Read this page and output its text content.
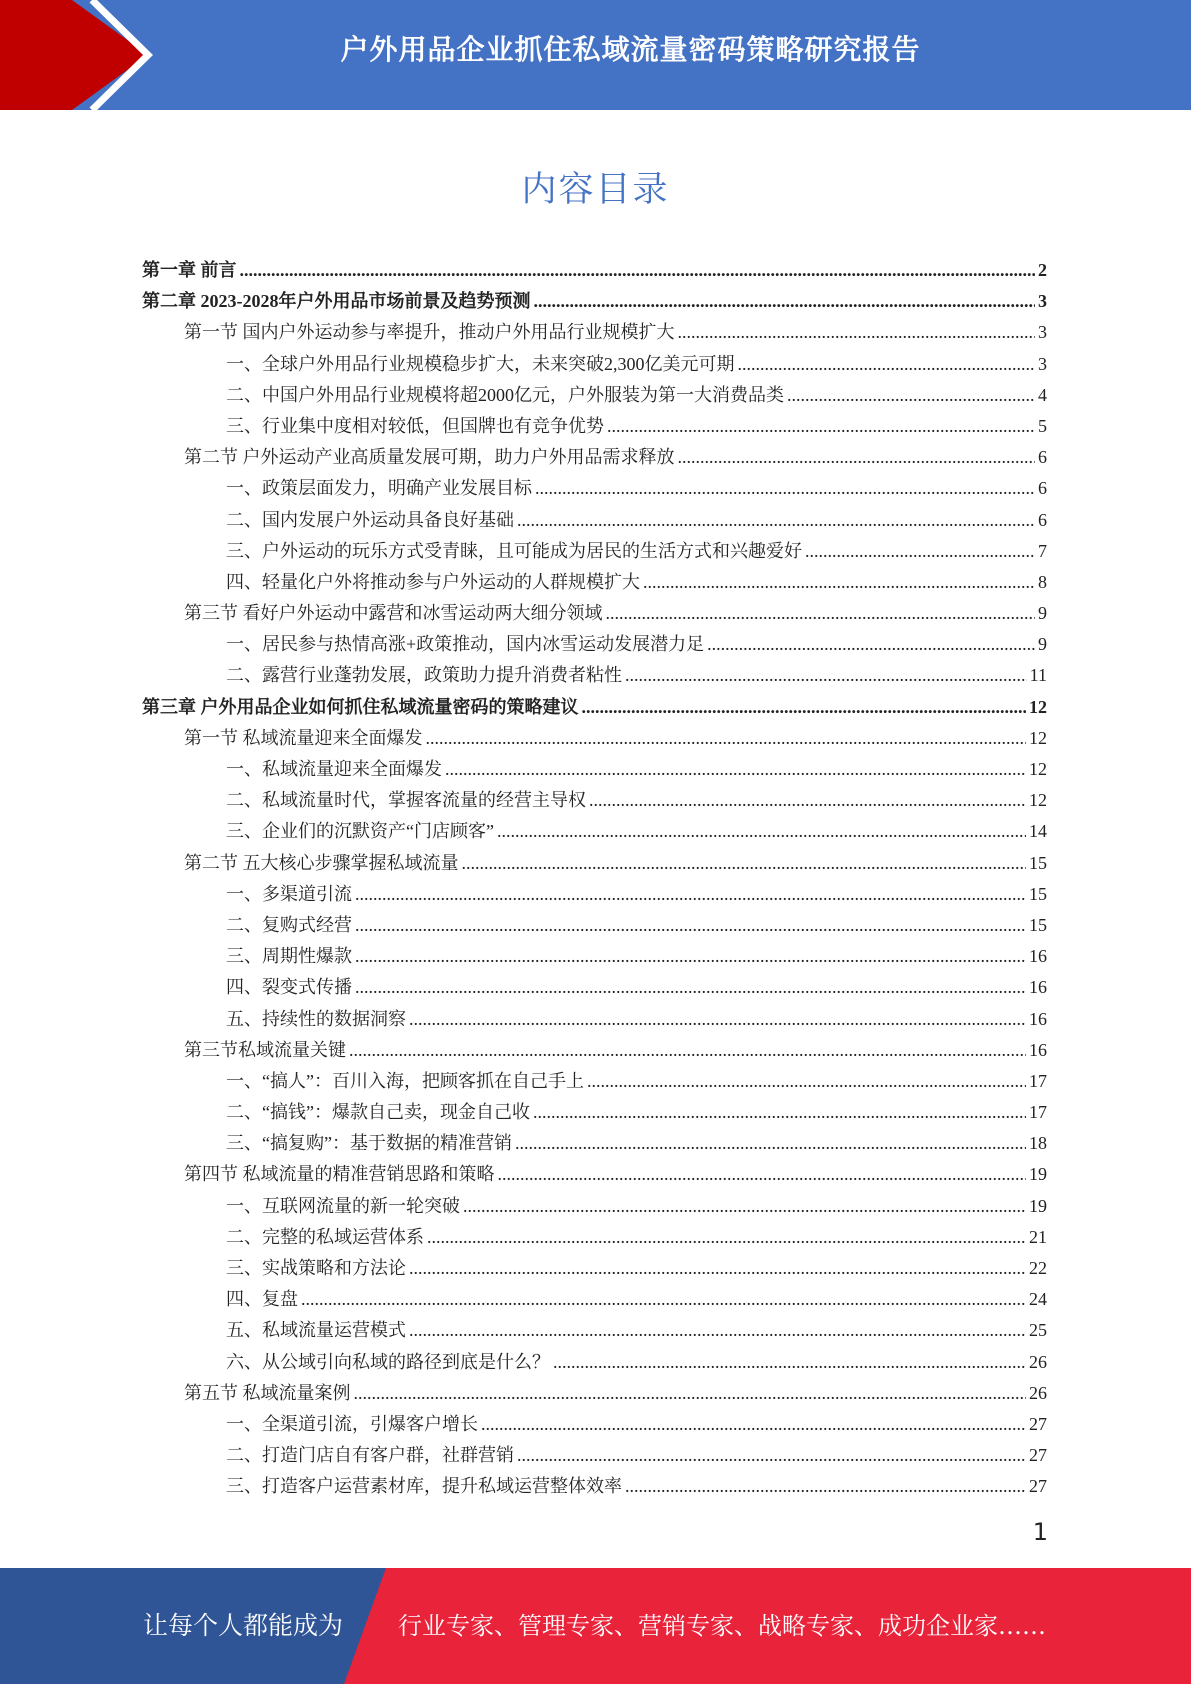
户外用品企业抓住私域流量密码策略研究报告
内容目录
第一章 前言 .....	2
第二章 2023-2028年户外用品市场前景及趋势预测 .....	3
第一节 国内户外运动参与率提升，推动户外用品行业规模扩大 .....	3
一、全球户外用品行业规模稳步扩大，未来突破2,300亿美元可期 .....	3
二、中国户外用品行业规模将超2000亿元，户外服装为第一大消费品类 .....	4
三、行业集中度相对较低，但国牌也有竞争优势 .....	5
第二节 户外运动产业高质量发展可期，助力户外用品需求释放 .....	6
一、政策层面发力，明确产业发展目标 .....	6
二、国内发展户外运动具备良好基础 .....	6
三、户外运动的玩乐方式受青睐，且可能成为居民的生活方式和兴趣爱好 .....	7
四、轻量化户外将推动参与户外运动的人群规模扩大 .....	8
第三节 看好户外运动中露营和冰雪运动两大细分领域 .....	9
一、居民参与热情高涨+政策推动，国内冰雪运动发展潜力足 .....	9
二、露营行业蓬勃发展，政策助力提升消费者粘性 .....	11
第三章 户外用品企业如何抓住私域流量密码的策略建议 .....	12
第一节 私域流量迎来全面爆发 .....	12
一、私域流量迎来全面爆发 .....	12
二、私域流量时代，掌握客流量的经营主导权 .....	12
三、企业们的沉默资产“门店顾客” .....	14
第二节 五大核心步骤掌握私域流量 .....	15
一、多渠道引流 .....	15
二、复购式经营 .....	15
三、周期性爆款 .....	16
四、裂变式传播 .....	16
五、持续性的数据洞察 .....	16
第三节私域流量关键 .....	16
一、“搞人”：百川入海，把顾客抓在自己手上 .....	17
二、“搞钱”：爆款自己卖，现金自己收 .....	17
三、“搞复购”：基于数据的精准营销 .....	18
第四节 私域流量的精准营销思路和策略 .....	19
一、互联网流量的新一轮突破 .....	19
二、完整的私域运营体系 .....	21
三、实战策略和方法论 .....	22
四、复盘 .....	24
五、私域流量运营模式 .....	25
六、从公域引向私域的路径到底是什么？ .....	26
第五节 私域流量案例 .....	26
一、全渠道引流，引爆客户增长 .....	27
二、打造门店自有客户群，社群营销 .....	27
三、打造客户运营素材库，提升私域运营整体效率 .....	27
1
让每个人都能成为 行业专家、管理专家、营销专家、战略专家、成功企业家……
